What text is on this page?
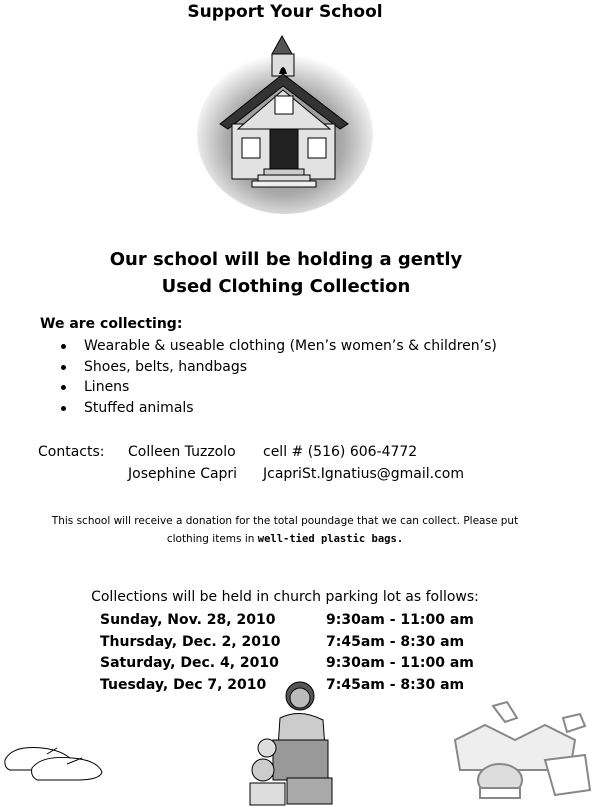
Support Your School
Our school will be holding a gently
Used Clothing Collection
We are collecting:
Wearable & useable clothing (Men’s women’s & children’s)
Shoes, belts, handbags
Linens
Stuffed animals
Contacts:	Colleen Tuzzolo	cell # (516) 606-4772
Josephine Capri	JcapriSt.Ignatius@gmail.com
This school will receive a donation for the total poundage that we can collect. Please put
clothing items in well-tied plastic bags.
Collections will be held in church parking lot as follows:
Sunday, Nov. 28, 2010	9:30am - 11:00 am
Thursday, Dec. 2, 2010	7:45am - 8:30 am
Saturday, Dec. 4, 2010	9:30am - 11:00 am
Tuesday, Dec 7, 2010	7:45am - 8:30 am
